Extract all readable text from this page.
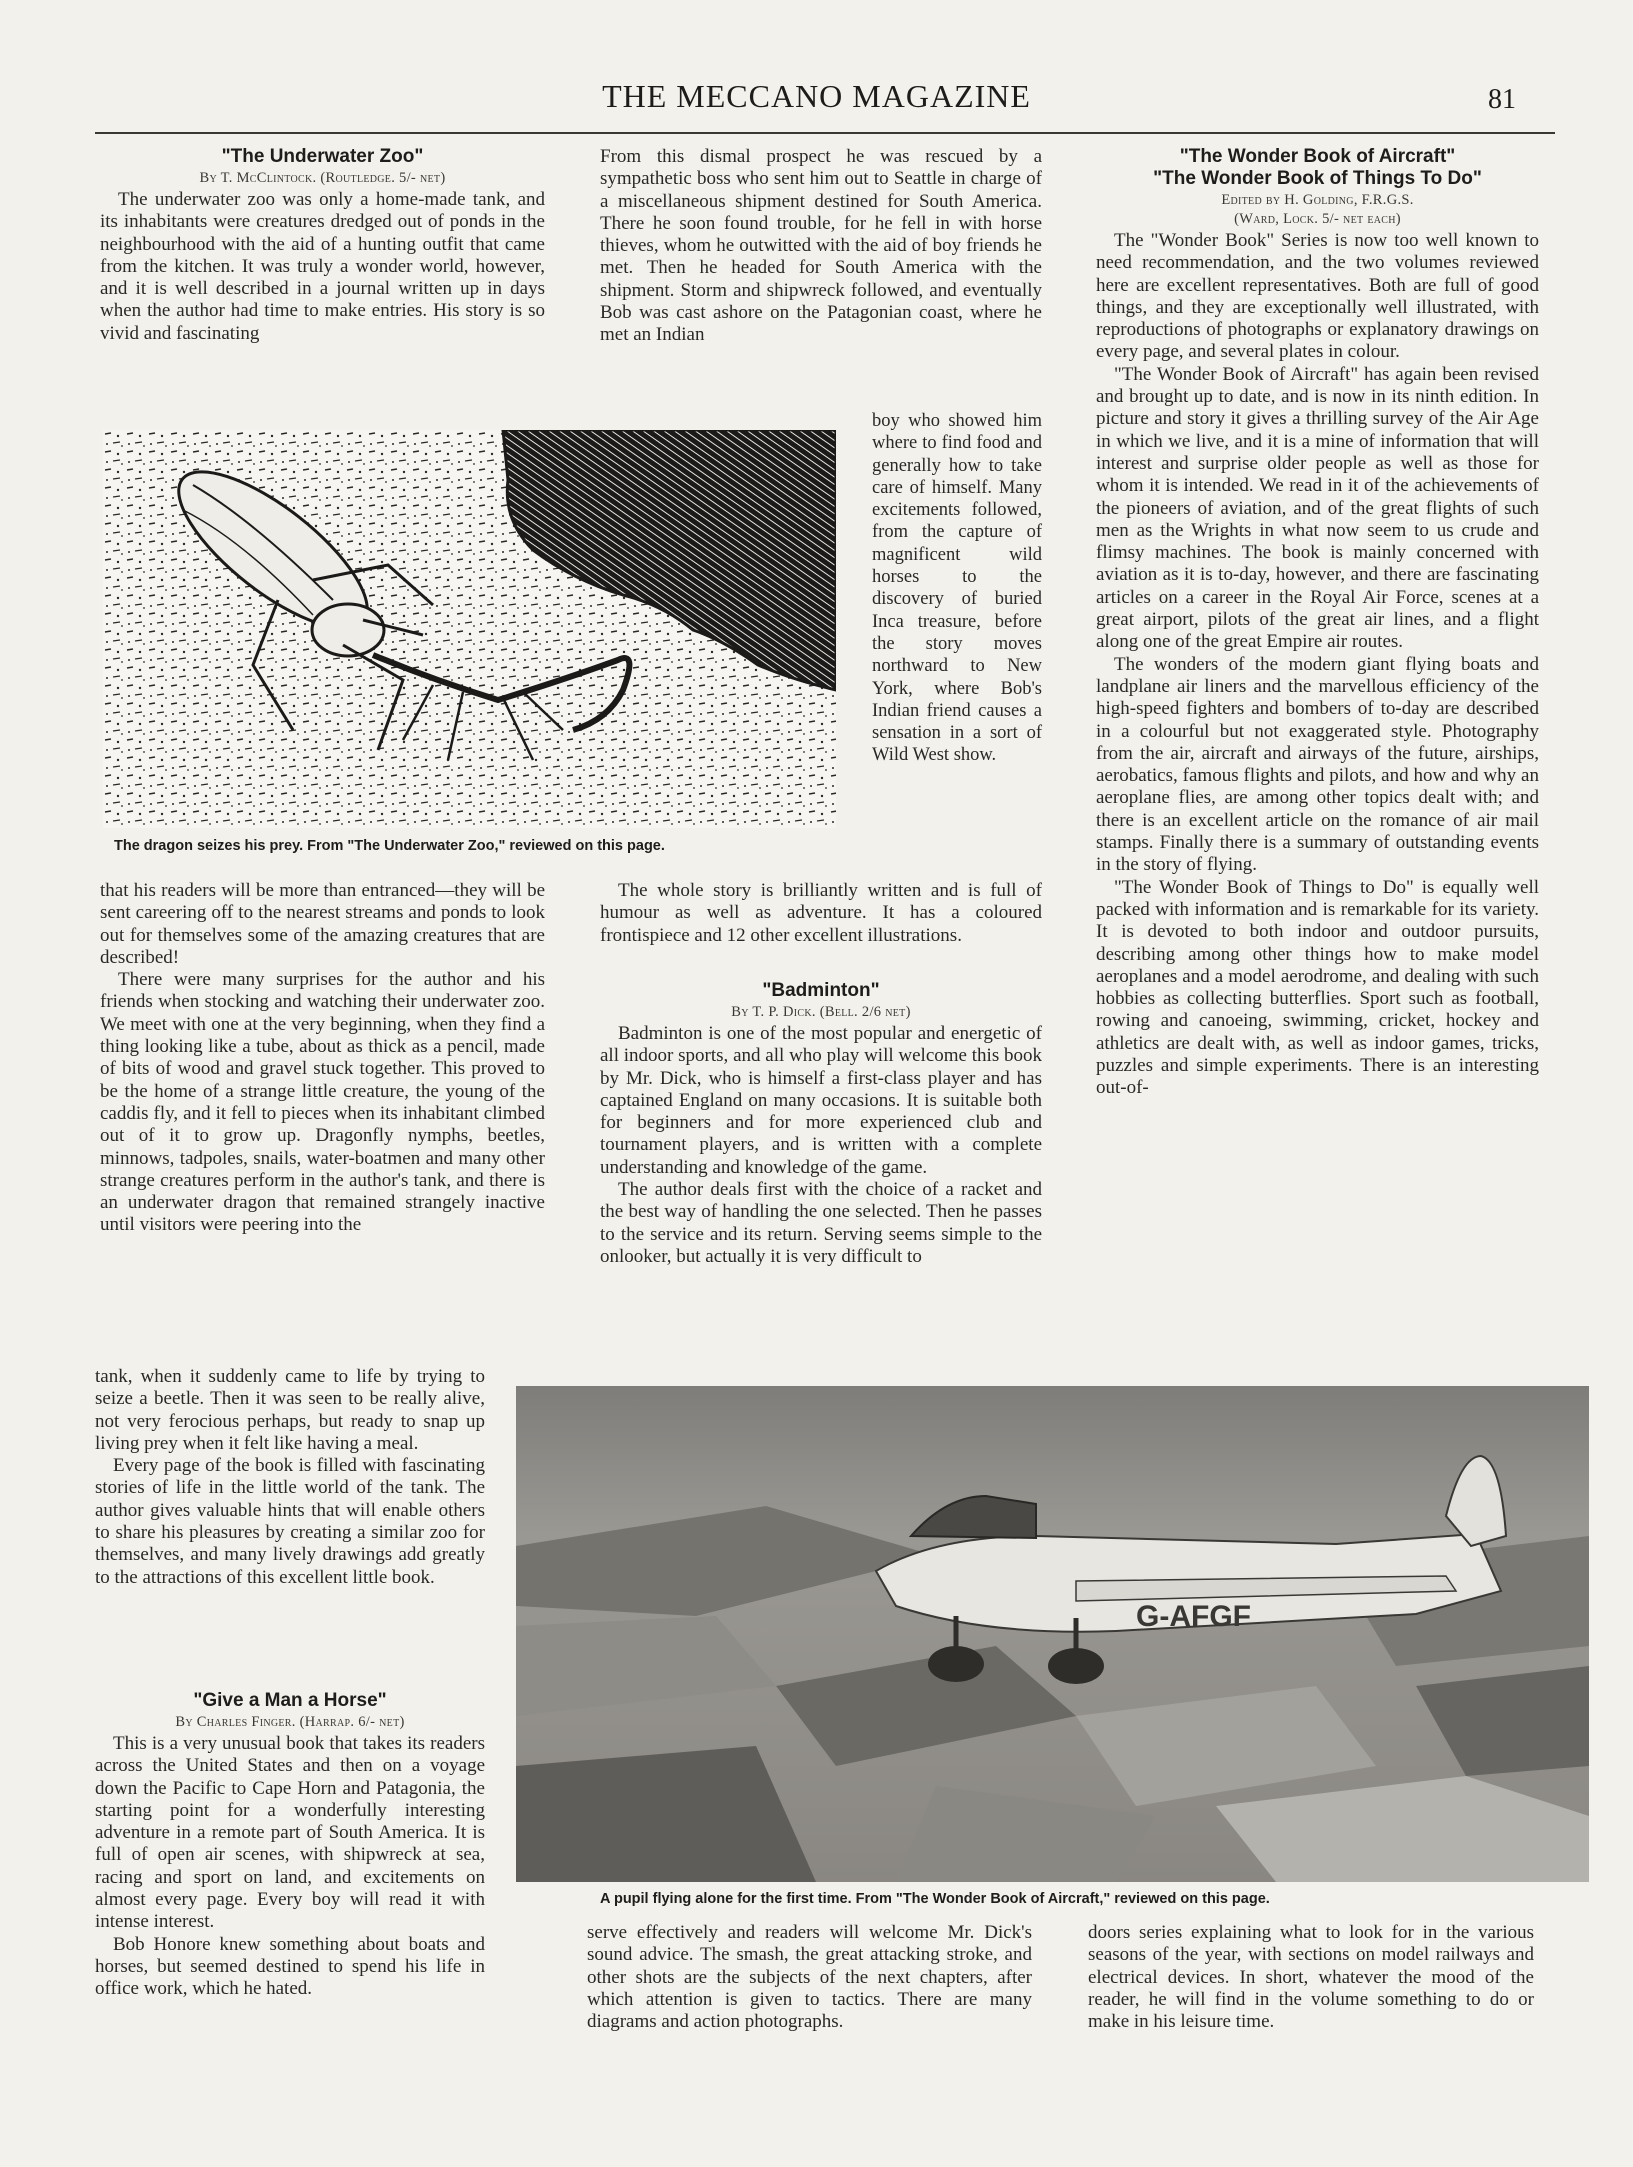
THE MECCANO MAGAZINE	81
"The Underwater Zoo"
By T. McClintock. (Routledge. 5/- net)

The underwater zoo was only a home-made tank, and its inhabitants were creatures dredged out of ponds in the neighbourhood with the aid of a hunting outfit that came from the kitchen. It was truly a wonder world, however, and it is well described in a journal written up in days when the author had time to make entries. His story is so vivid and fascinating

The dragon seizes his prey. From "The Underwater Zoo," reviewed on this page.

that his readers will be more than entranced—they will be sent careering off to the nearest streams and ponds to look out for themselves some of the amazing creatures that are described!

There were many surprises for the author and his friends when stocking and watching their underwater zoo. We meet with one at the very beginning, when they find a thing looking like a tube, about as thick as a pencil, made of bits of wood and gravel stuck together. This proved to be the home of a strange little creature, the young of the caddis fly, and it fell to pieces when its inhabitant climbed out of it to grow up. Dragonfly nymphs, beetles, minnows, tadpoles, snails, water-boatmen and many other strange creatures perform in the author's tank, and there is an underwater dragon that remained strangely inactive until visitors were peering into the

tank, when it suddenly came to life by trying to seize a beetle. Then it was seen to be really alive, not very ferocious perhaps, but ready to snap up living prey when it felt like having a meal.

Every page of the book is filled with fascinating stories of life in the little world of the tank. The author gives valuable hints that will enable others to share his pleasures by creating a similar zoo for themselves, and many lively drawings add greatly to the attractions of this excellent little book.

"Give a Man a Horse"
By Charles Finger. (Harrap. 6/- net)

This is a very unusual book that takes its readers across the United States and then on a voyage down the Pacific to Cape Horn and Patagonia, the starting point for a wonderfully interesting adventure in a remote part of South America. It is full of open air scenes, with shipwreck at sea, racing and sport on land, and excitements on almost every page. Every boy will read it with intense interest.

Bob Honore knew something about boats and horses, but seemed destined to spend his life in office work, which he hated.

From this dismal prospect he was rescued by a sympathetic boss who sent him out to Seattle in charge of a miscellaneous shipment destined for South America. There he soon found trouble, for he fell in with horse thieves, whom he outwitted with the aid of boy friends he met. Then he headed for South America with the shipment. Storm and shipwreck followed, and eventually Bob was cast ashore on the Patagonian coast, where he met an Indian

boy who showed him where to find food and generally how to take care of himself. Many excitements followed, from the capture of magnificent wild horses to the discovery of buried Inca treasure, before the story moves northward to New York, where Bob's Indian friend causes a sensation in a sort of Wild West show.

The whole story is brilliantly written and is full of humour as well as adventure. It has a coloured frontispiece and 12 other excellent illustrations.

"Badminton"
By T. P. Dick. (Bell. 2/6 net)

Badminton is one of the most popular and energetic of all indoor sports, and all who play will welcome this book by Mr. Dick, who is himself a first-class player and has captained England on many occasions. It is suitable both for beginners and for more experienced club and tournament players, and is written with a complete understanding and knowledge of the game.

The author deals first with the choice of a racket and the best way of handling the one selected. Then he passes to the service and its return. Serving seems simple to the onlooker, but actually it is very difficult to

serve effectively and readers will welcome Mr. Dick's sound advice. The smash, the great attacking stroke, and other shots are the subjects of the next chapters, after which attention is given to tactics. There are many diagrams and action photographs.

"The Wonder Book of Aircraft"
"The Wonder Book of Things To Do"
Edited by H. Golding, F.R.G.S.
(Ward, Lock. 5/- net each)

The "Wonder Book" Series is now too well known to need recommendation, and the two volumes reviewed here are excellent representatives. Both are full of good things, and they are exceptionally well illustrated, with reproductions of photographs or explanatory drawings on every page, and several plates in colour.

"The Wonder Book of Aircraft" has again been revised and brought up to date, and is now in its ninth edition. In picture and story it gives a thrilling survey of the Air Age in which we live, and it is a mine of information that will interest and surprise older people as well as those for whom it is intended. We read in it of the achievements of the pioneers of aviation, and of the great flights of such men as the Wrights in what now seem to us crude and flimsy machines. The book is mainly concerned with aviation as it is to-day, however, and there are fascinating articles on a career in the Royal Air Force, scenes at a great airport, pilots of the great air lines, and a flight along one of the great Empire air routes.

The wonders of the modern giant flying boats and landplane air liners and the marvellous efficiency of the high-speed fighters and bombers of to-day are described in a colourful but not exaggerated style. Photography from the air, aircraft and airways of the future, airships, aerobatics, famous flights and pilots, and how and why an aeroplane flies, are among other topics dealt with; and there is an excellent article on the romance of air mail stamps. Finally there is a summary of outstanding events in the story of flying.

"The Wonder Book of Things to Do" is equally well packed with information and is remarkable for its variety. It is devoted to both indoor and outdoor pursuits, describing among other things how to make model aeroplanes and a model aerodrome, and dealing with such hobbies as collecting butterflies. Sport such as football, rowing and canoeing, swimming, cricket, hockey and athletics are dealt with, as well as indoor games, tricks, puzzles and simple experiments. There is an interesting out-of-

doors series explaining what to look for in the various seasons of the year, with sections on model railways and electrical devices. In short, whatever the mood of the reader, he will find in the volume something to do or make in his leisure time.

G-AFGF
A pupil flying alone for the first time. From "The Wonder Book of Aircraft," reviewed on this page.
